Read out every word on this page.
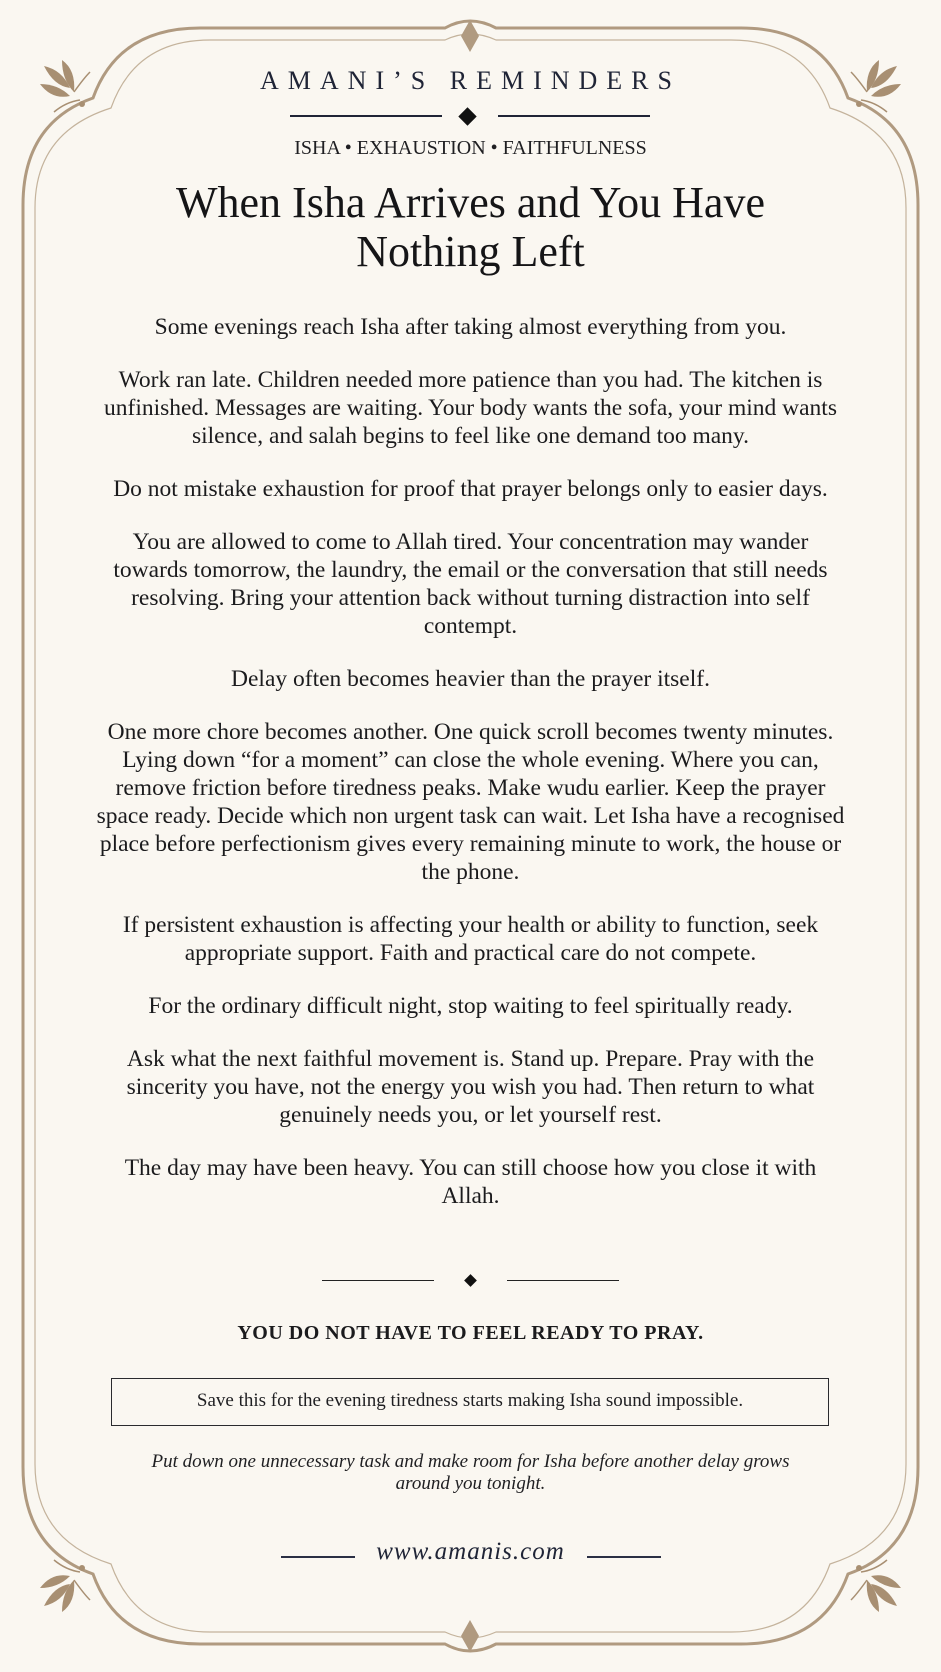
AMANI’S REMINDERS
ISHA • EXHAUSTION • FAITHFULNESS
When Isha Arrives and You Have Nothing Left

Some evenings reach Isha after taking almost everything from you.

Work ran late. Children needed more patience than you had. The kitchen is unfinished. Messages are waiting. Your body wants the sofa, your mind wants silence, and salah begins to feel like one demand too many.

Do not mistake exhaustion for proof that prayer belongs only to easier days.

You are allowed to come to Allah tired. Your concentration may wander towards tomorrow, the laundry, the email or the conversation that still needs resolving. Bring your attention back without turning distraction into self contempt.

Delay often becomes heavier than the prayer itself.

One more chore becomes another. One quick scroll becomes twenty minutes. Lying down “for a moment” can close the whole evening. Where you can, remove friction before tiredness peaks. Make wudu earlier. Keep the prayer space ready. Decide which non urgent task can wait. Let Isha have a recognised place before perfectionism gives every remaining minute to work, the house or the phone.

If persistent exhaustion is affecting your health or ability to function, seek appropriate support. Faith and practical care do not compete.

For the ordinary difficult night, stop waiting to feel spiritually ready.

Ask what the next faithful movement is. Stand up. Prepare. Pray with the sincerity you have, not the energy you wish you had. Then return to what genuinely needs you, or let yourself rest.

The day may have been heavy. You can still choose how you close it with Allah.

YOU DO NOT HAVE TO FEEL READY TO PRAY.
Save this for the evening tiredness starts making Isha sound impossible.
Put down one unnecessary task and make room for Isha before another delay grows around you tonight.
www.amanis.com
